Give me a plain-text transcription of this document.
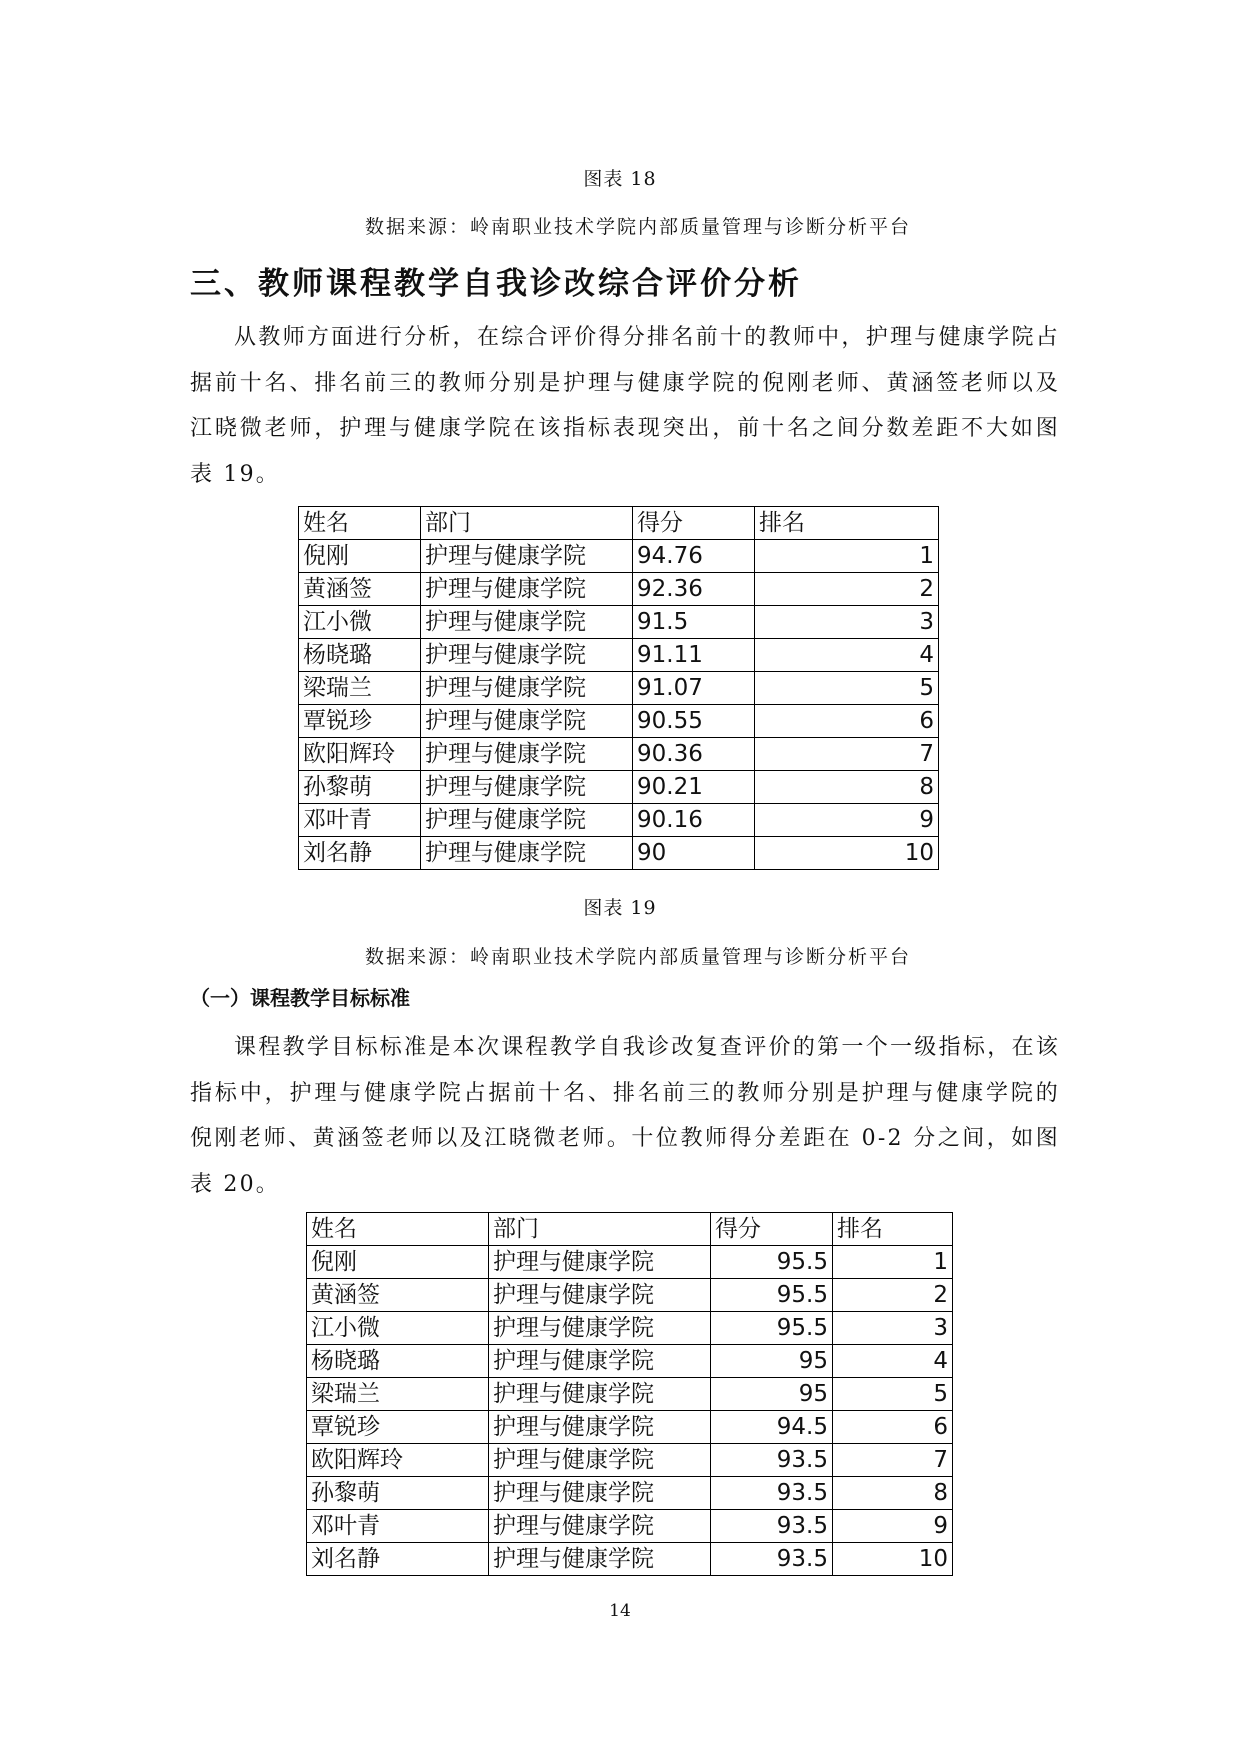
图表 18
数据来源：岭南职业技术学院内部质量管理与诊断分析平台
三、教师课程教学自我诊改综合评价分析

从教师方面进行分析，在综合评价得分排名前十的教师中，护理与健康学院占据前十名、排名前三的教师分别是护理与健康学院的倪刚老师、黄涵签老师以及江晓微老师，护理与健康学院在该指标表现突出，前十名之间分数差距不大如图表 19。

姓名	部门	得分	排名
倪刚	护理与健康学院	94.76	1
黄涵签	护理与健康学院	92.36	2
江小微	护理与健康学院	91.5	3
杨晓璐	护理与健康学院	91.11	4
梁瑞兰	护理与健康学院	91.07	5
覃锐珍	护理与健康学院	90.55	6
欧阳辉玲	护理与健康学院	90.36	7
孙黎萌	护理与健康学院	90.21	8
邓叶青	护理与健康学院	90.16	9
刘名静	护理与健康学院	90	10
图表 19
数据来源：岭南职业技术学院内部质量管理与诊断分析平台
（一）课程教学目标标准

课程教学目标标准是本次课程教学自我诊改复查评价的第一个一级指标，在该指标中，护理与健康学院占据前十名、排名前三的教师分别是护理与健康学院的倪刚老师、黄涵签老师以及江晓微老师。十位教师得分差距在 0-2 分之间，如图表 20。

姓名	部门	得分	排名
倪刚	护理与健康学院	95.5	1
黄涵签	护理与健康学院	95.5	2
江小微	护理与健康学院	95.5	3
杨晓璐	护理与健康学院	95	4
梁瑞兰	护理与健康学院	95	5
覃锐珍	护理与健康学院	94.5	6
欧阳辉玲	护理与健康学院	93.5	7
孙黎萌	护理与健康学院	93.5	8
邓叶青	护理与健康学院	93.5	9
刘名静	护理与健康学院	93.5	10
14
